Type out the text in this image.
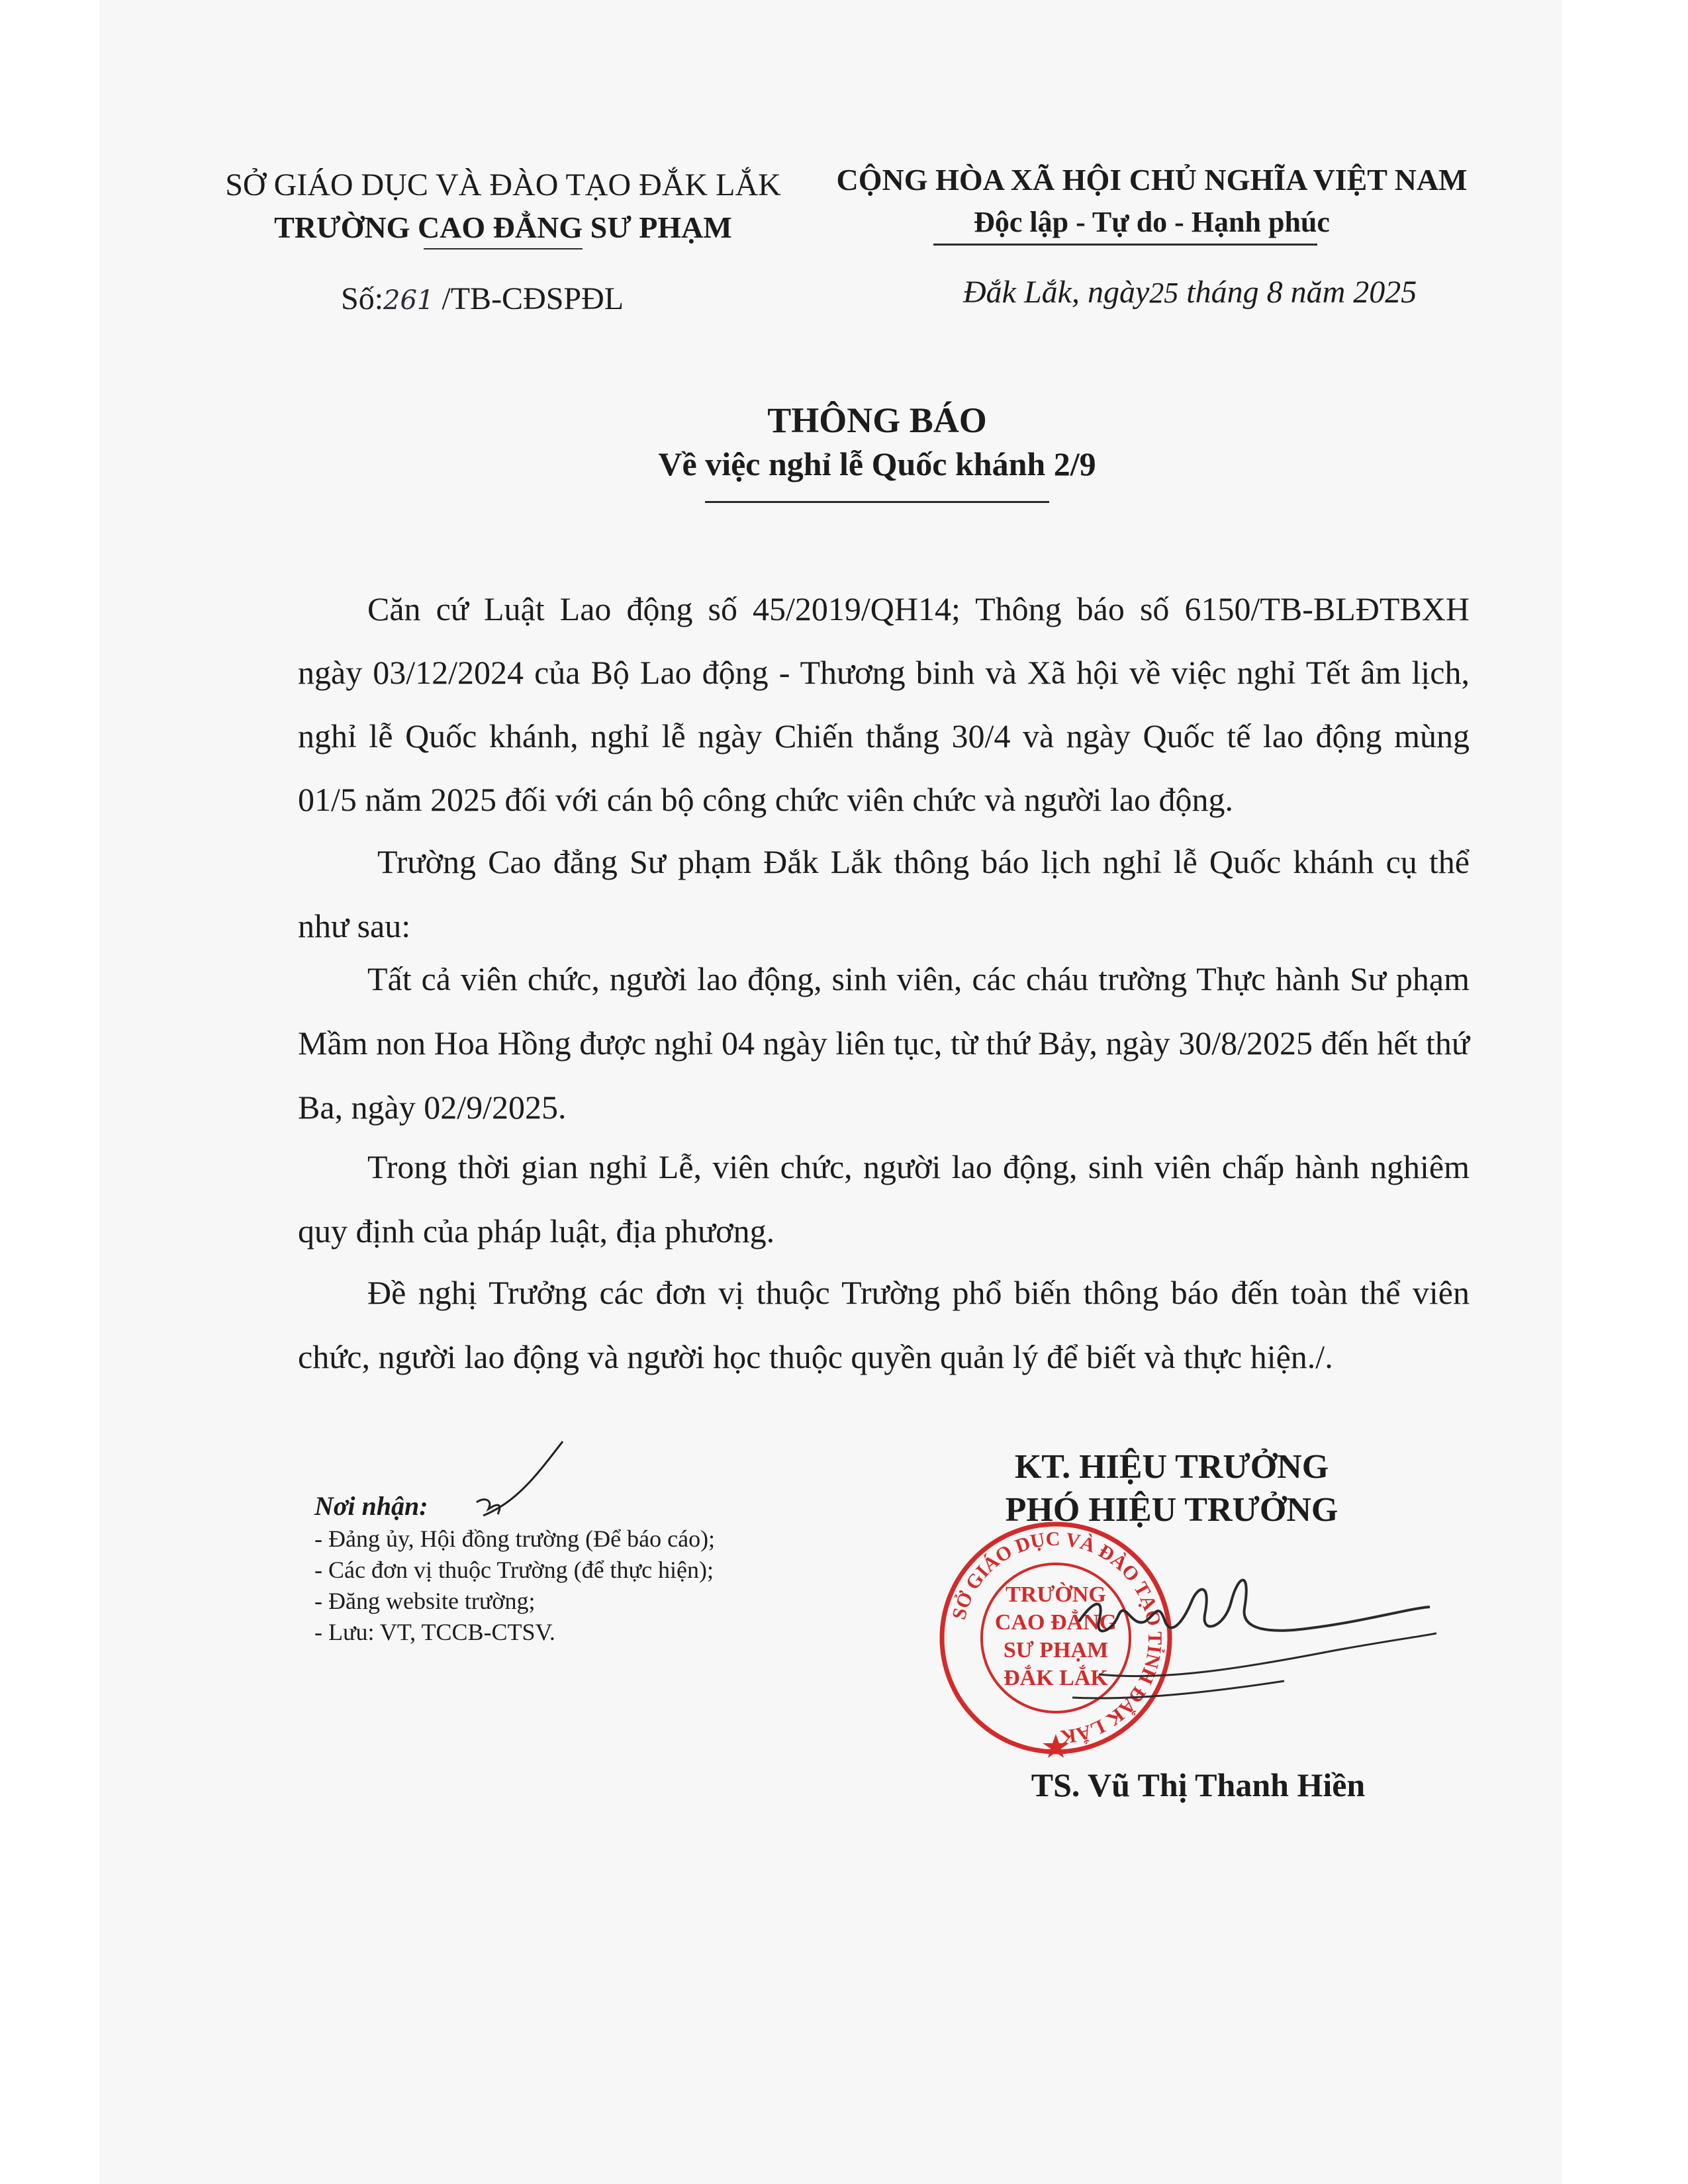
SỞ GIÁO DỤC VÀ ĐÀO TẠO ĐẮK LẮK
TRƯỜNG CAO ĐẲNG SƯ PHẠM
CỘNG HÒA XÃ HỘI CHỦ NGHĨA VIỆT NAM
Độc lập - Tự do - Hạnh phúc
Số:261 /TB-CĐSPĐL	Đắk Lắk, ngày25 tháng 8 năm 2025
THÔNG BÁO
Về việc nghỉ lễ Quốc khánh 2/9
Căn cứ Luật Lao động số 45/2019/QH14; Thông báo số 6150/TB-BLĐTBXH ngày 03/12/2024 của Bộ Lao động - Thương binh và Xã hội về việc nghỉ Tết âm lịch, nghỉ lễ Quốc khánh, nghỉ lễ ngày Chiến thắng 30/4 và ngày Quốc tế lao động mùng 01/5 năm 2025 đối với cán bộ công chức viên chức và người lao động.
Trường Cao đẳng Sư phạm Đắk Lắk thông báo lịch nghỉ lễ Quốc khánh cụ thể như sau:
Tất cả viên chức, người lao động, sinh viên, các cháu trường Thực hành Sư phạm Mầm non Hoa Hồng được nghỉ 04 ngày liên tục, từ thứ Bảy, ngày 30/8/2025 đến hết thứ Ba, ngày 02/9/2025.
Trong thời gian nghỉ Lễ, viên chức, người lao động, sinh viên chấp hành nghiêm quy định của pháp luật, địa phương.
Đề nghị Trưởng các đơn vị thuộc Trường phổ biến thông báo đến toàn thể viên chức, người lao động và người học thuộc quyền quản lý để biết và thực hiện./.
Nơi nhận:
- Đảng ủy, Hội đồng trường (Để báo cáo);
- Các đơn vị thuộc Trường (để thực hiện);
- Đăng website trường;
- Lưu: VT, TCCB-CTSV.
KT. HIỆU TRƯỞNG
PHÓ HIỆU TRƯỞNG
SỞ GIÁO DỤC VÀ ĐÀO TẠO TỈNH ĐẮK LẮK
TRƯỜNG
CAO ĐẲNG
SƯ PHẠM
ĐẮK LẮK
TS. Vũ Thị Thanh Hiền
